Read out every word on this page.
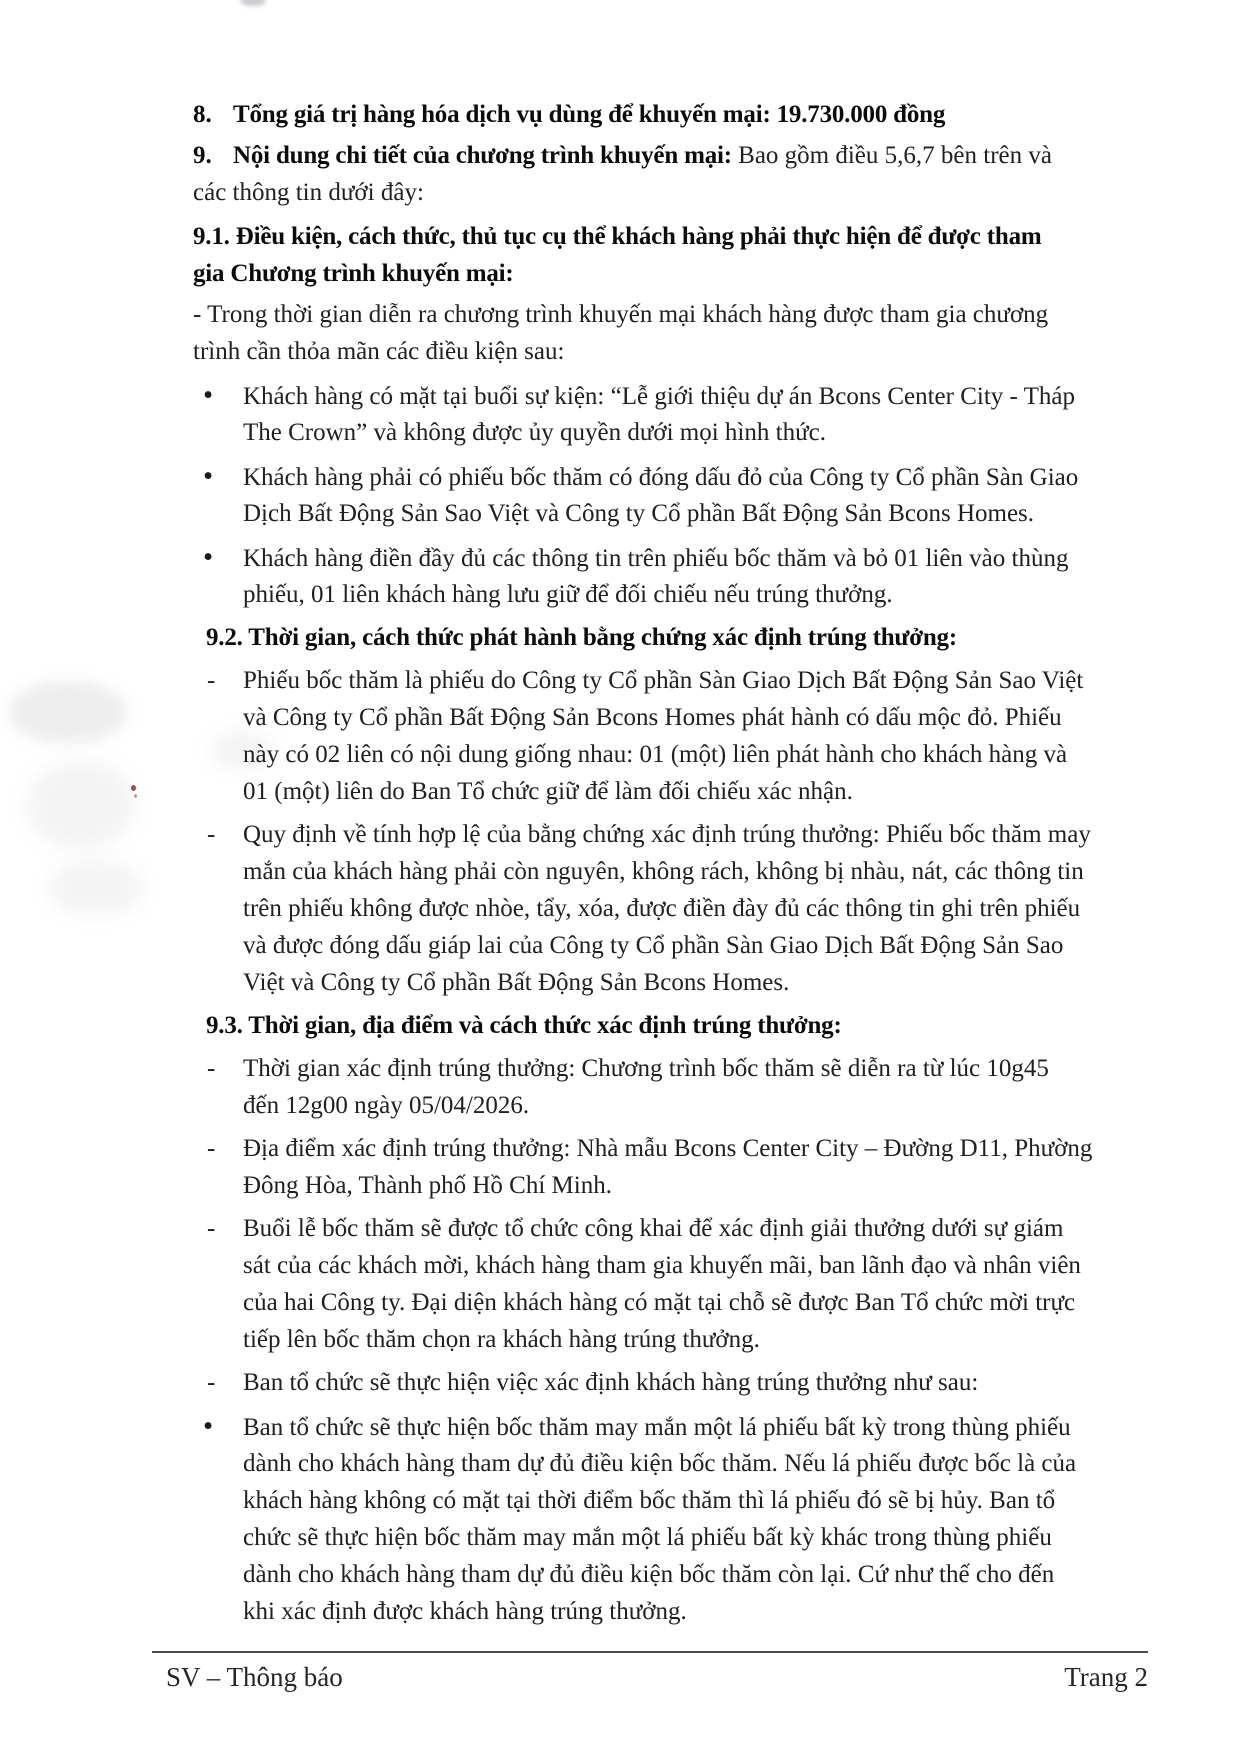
8. Tổng giá trị hàng hóa dịch vụ dùng để khuyến mại: 19.730.000 đồng
9. Nội dung chi tiết của chương trình khuyến mại: Bao gồm điều 5,6,7 bên trên và
các thông tin dưới đây:
9.1. Điều kiện, cách thức, thủ tục cụ thể khách hàng phải thực hiện để được tham
gia Chương trình khuyến mại:
- Trong thời gian diễn ra chương trình khuyến mại khách hàng được tham gia chương
trình cần thỏa mãn các điều kiện sau:
• Khách hàng có mặt tại buổi sự kiện: “Lễ giới thiệu dự án Bcons Center City - Tháp
The Crown” và không được ủy quyền dưới mọi hình thức.
• Khách hàng phải có phiếu bốc thăm có đóng dấu đỏ của Công ty Cổ phần Sàn Giao
Dịch Bất Động Sản Sao Việt và Công ty Cổ phần Bất Động Sản Bcons Homes.
• Khách hàng điền đầy đủ các thông tin trên phiếu bốc thăm và bỏ 01 liên vào thùng
phiếu, 01 liên khách hàng lưu giữ để đối chiếu nếu trúng thưởng.
9.2. Thời gian, cách thức phát hành bằng chứng xác định trúng thưởng:
- Phiếu bốc thăm là phiếu do Công ty Cổ phần Sàn Giao Dịch Bất Động Sản Sao Việt
và Công ty Cổ phần Bất Động Sản Bcons Homes phát hành có dấu mộc đỏ. Phiếu
này có 02 liên có nội dung giống nhau: 01 (một) liên phát hành cho khách hàng và
01 (một) liên do Ban Tổ chức giữ để làm đối chiếu xác nhận.
- Quy định về tính hợp lệ của bằng chứng xác định trúng thưởng: Phiếu bốc thăm may
mắn của khách hàng phải còn nguyên, không rách, không bị nhàu, nát, các thông tin
trên phiếu không được nhòe, tẩy, xóa, được điền đày đủ các thông tin ghi trên phiếu
và được đóng dấu giáp lai của Công ty Cổ phần Sàn Giao Dịch Bất Động Sản Sao
Việt và Công ty Cổ phần Bất Động Sản Bcons Homes.
9.3. Thời gian, địa điểm và cách thức xác định trúng thưởng:
- Thời gian xác định trúng thưởng: Chương trình bốc thăm sẽ diễn ra từ lúc 10g45
đến 12g00 ngày 05/04/2026.
- Địa điểm xác định trúng thưởng: Nhà mẫu Bcons Center City – Đường D11, Phường
Đông Hòa, Thành phố Hồ Chí Minh.
- Buổi lễ bốc thăm sẽ được tổ chức công khai để xác định giải thưởng dưới sự giám
sát của các khách mời, khách hàng tham gia khuyến mãi, ban lãnh đạo và nhân viên
của hai Công ty. Đại diện khách hàng có mặt tại chỗ sẽ được Ban Tổ chức mời trực
tiếp lên bốc thăm chọn ra khách hàng trúng thưởng.
- Ban tổ chức sẽ thực hiện việc xác định khách hàng trúng thưởng như sau:
• Ban tổ chức sẽ thực hiện bốc thăm may mắn một lá phiếu bất kỳ trong thùng phiếu
dành cho khách hàng tham dự đủ điều kiện bốc thăm. Nếu lá phiếu được bốc là của
khách hàng không có mặt tại thời điểm bốc thăm thì lá phiếu đó sẽ bị hủy. Ban tổ
chức sẽ thực hiện bốc thăm may mắn một lá phiếu bất kỳ khác trong thùng phiếu
dành cho khách hàng tham dự đủ điều kiện bốc thăm còn lại. Cứ như thế cho đến
khi xác định được khách hàng trúng thưởng.
SV – Thông báo	Trang 2
